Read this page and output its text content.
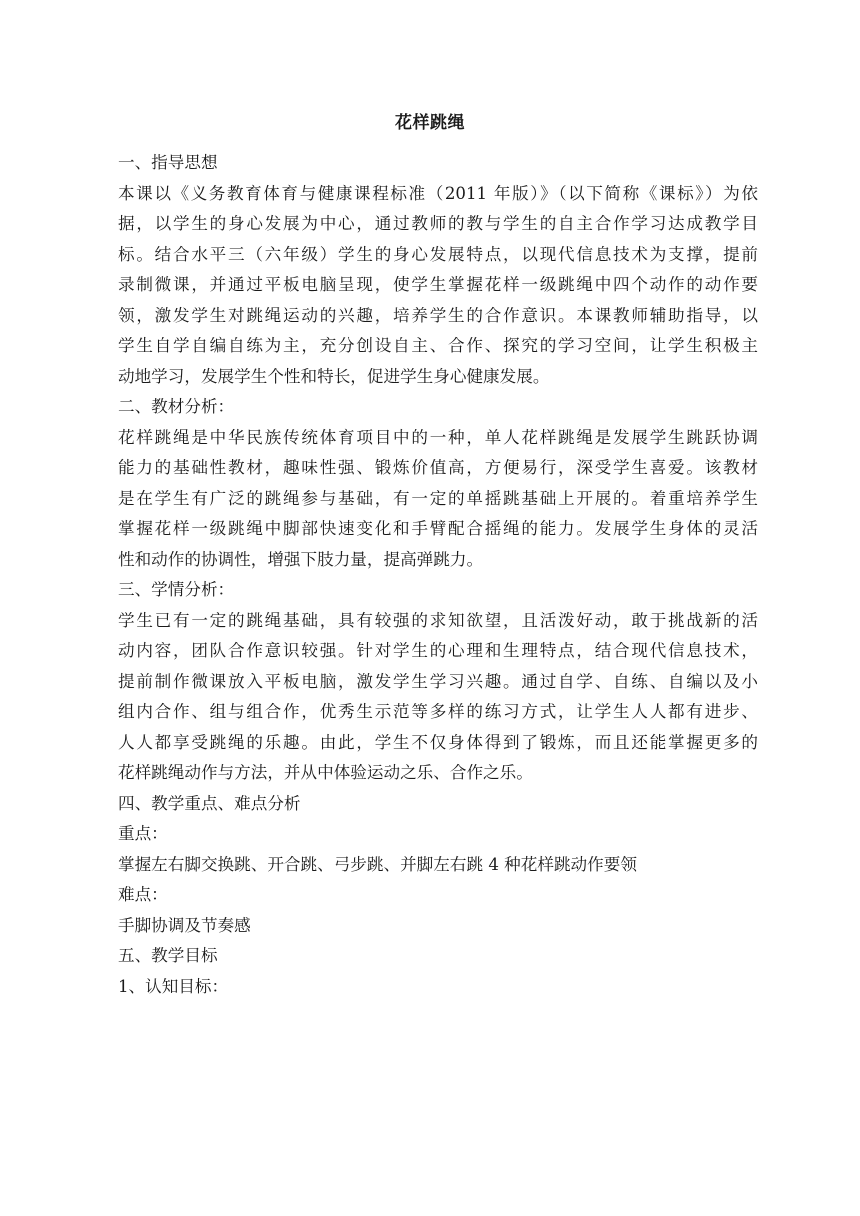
花样跳绳

一、指导思想

本课以《义务教育体育与健康课程标准（2011 年版）》（以下简称《课标》）为依

据，以学生的身心发展为中心，通过教师的教与学生的自主合作学习达成教学目

标。结合水平三（六年级）学生的身心发展特点，以现代信息技术为支撑，提前

录制微课，并通过平板电脑呈现，使学生掌握花样一级跳绳中四个动作的动作要

领，激发学生对跳绳运动的兴趣，培养学生的合作意识。本课教师辅助指导，以

学生自学自编自练为主，充分创设自主、合作、探究的学习空间，让学生积极主

动地学习，发展学生个性和特长，促进学生身心健康发展。

二、教材分析：

花样跳绳是中华民族传统体育项目中的一种，单人花样跳绳是发展学生跳跃协调

能力的基础性教材，趣味性强、锻炼价值高，方便易行，深受学生喜爱。该教材

是在学生有广泛的跳绳参与基础，有一定的单摇跳基础上开展的。着重培养学生

掌握花样一级跳绳中脚部快速变化和手臂配合摇绳的能力。发展学生身体的灵活

性和动作的协调性，增强下肢力量，提高弹跳力。

三、学情分析：

学生已有一定的跳绳基础，具有较强的求知欲望，且活泼好动，敢于挑战新的活

动内容，团队合作意识较强。针对学生的心理和生理特点，结合现代信息技术，

提前制作微课放入平板电脑，激发学生学习兴趣。通过自学、自练、自编以及小

组内合作、组与组合作，优秀生示范等多样的练习方式，让学生人人都有进步、

人人都享受跳绳的乐趣。由此，学生不仅身体得到了锻炼，而且还能掌握更多的

花样跳绳动作与方法，并从中体验运动之乐、合作之乐。

四、教学重点、难点分析

重点：

掌握左右脚交换跳、开合跳、弓步跳、并脚左右跳 4 种花样跳动作要领

难点：

手脚协调及节奏感

五、教学目标

1、认知目标：
